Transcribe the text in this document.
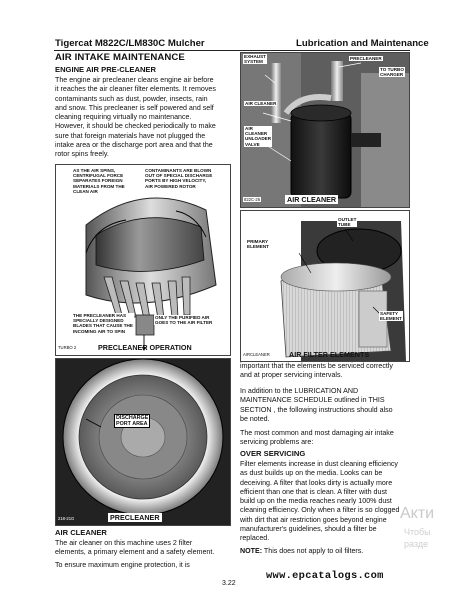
Tigercat M822C/LM830C Mulcher	Lubrication and Maintenance
AIR INTAKE MAINTENANCE
ENGINE AIR PRE-CLEANER
The engine air precleaner cleans engine air before
it reaches the air cleaner filter elements. It removes
contaminants such as dust, powder, insects, rain
and snow. This precleaner is self powered and self
cleaning requiring virtually no maintenance.
However, it should be checked periodically to make
sure that foreign materials have not plugged the
intake area or the discharge port area and that the
rotor spins freely.
AS THE AIR SPINS,
CENTRIFUGAL FORCE
SEPARATES FOREIGN
MATERIALS FROM THE
CLEAN AIR
CONTAMINANTS ARE BLOWN
OUT OF SPECIAL DISCHARGE
PORTS BY HIGH VELOCITY,
AIR POWERED ROTOR
THE PRECLEANER HAS
SPECIALLY DESIGNED
BLADES THAT CAUSE THE
INCOMING AIR TO SPIN
ONLY THE PURIFIED AIR
GOES TO THE AIR FILTER
TURBO 2	PRECLEANER OPERATION
DISCHARGE
PORT AREA
218-21G	PRECLEANER
AIR CLEANER
The air cleaner on this machine uses 2 filter
elements, a primary element and a safety element.
To ensure maximum engine protection, it is
EXHAUST
SYSTEM
PRECLEANER
TO TURBO
CHARGER
AIR CLEANER
AIR
CLEANER
UNLOADER
VALVE
822C-26	AIR CLEANER
OUTLET
TUBE
PRIMARY
ELEMENT
SAFETY
ELEMENT
AIRCLEANER	AIR FILTER ELEMENTS
important that the elements be serviced correctly
and at proper servicing intervals.
In addition to the LUBRICATION AND
MAINTENANCE SCHEDULE outlined in THIS
SECTION , the following instructions should also
be noted.
The most common and most damaging air intake
servicing problems are:
OVER SERVICING
Filter elements increase in dust cleaning efficiency
as dust builds up on the media. Looks can be
deceiving. A filter that looks dirty is actually more
efficient than one that is clean. A filter with dust
build up on the media reaches nearly 100% dust
cleaning efficiency. Only when a filter is so clogged
with dirt that air restriction goes beyond engine
manufacturer's guidelines, should a filter be
replaced.
NOTE: This does not apply to oil filters.
3.22
www.epcatalogs.com
Акти
Чтобы
разде
